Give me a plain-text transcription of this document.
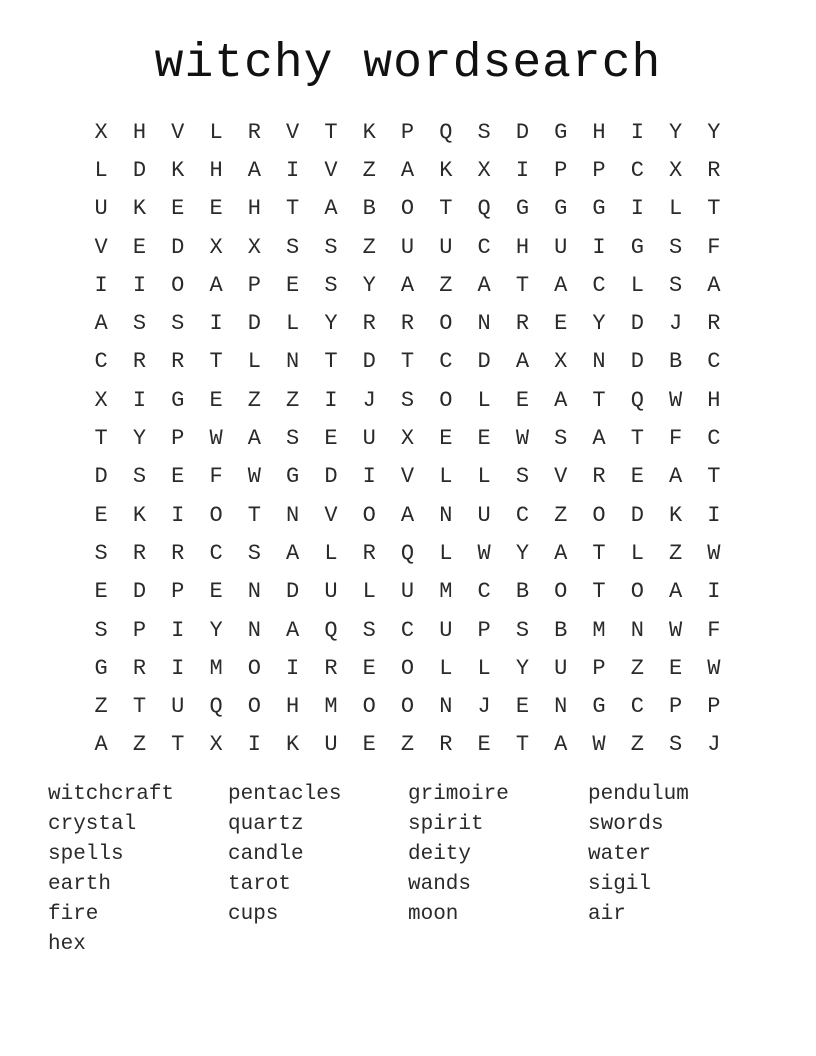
witchy wordsearch
X	H	V	L	R	V	T	K	P	Q	S	D	G	H	I	Y	Y
L	D	K	H	A	I	V	Z	A	K	X	I	P	P	C	X	R
U	K	E	E	H	T	A	B	O	T	Q	G	G	G	I	L	T
V	E	D	X	X	S	S	Z	U	U	C	H	U	I	G	S	F
I	I	O	A	P	E	S	Y	A	Z	A	T	A	C	L	S	A
A	S	S	I	D	L	Y	R	R	O	N	R	E	Y	D	J	R
C	R	R	T	L	N	T	D	T	C	D	A	X	N	D	B	C
X	I	G	E	Z	Z	I	J	S	O	L	E	A	T	Q	W	H
T	Y	P	W	A	S	E	U	X	E	E	W	S	A	T	F	C
D	S	E	F	W	G	D	I	V	L	L	S	V	R	E	A	T
E	K	I	O	T	N	V	O	A	N	U	C	Z	O	D	K	I
S	R	R	C	S	A	L	R	Q	L	W	Y	A	T	L	Z	W
E	D	P	E	N	D	U	L	U	M	C	B	O	T	O	A	I
S	P	I	Y	N	A	Q	S	C	U	P	S	B	M	N	W	F
G	R	I	M	O	I	R	E	O	L	L	Y	U	P	Z	E	W
Z	T	U	Q	O	H	M	O	O	N	J	E	N	G	C	P	P
A	Z	T	X	I	K	U	E	Z	R	E	T	A	W	Z	S	J
witchcraft	pentacles	grimoire	pendulum
crystal	quartz	spirit	swords
spells	candle	deity	water
earth	tarot	wands	sigil
fire	cups	moon	air
hex
